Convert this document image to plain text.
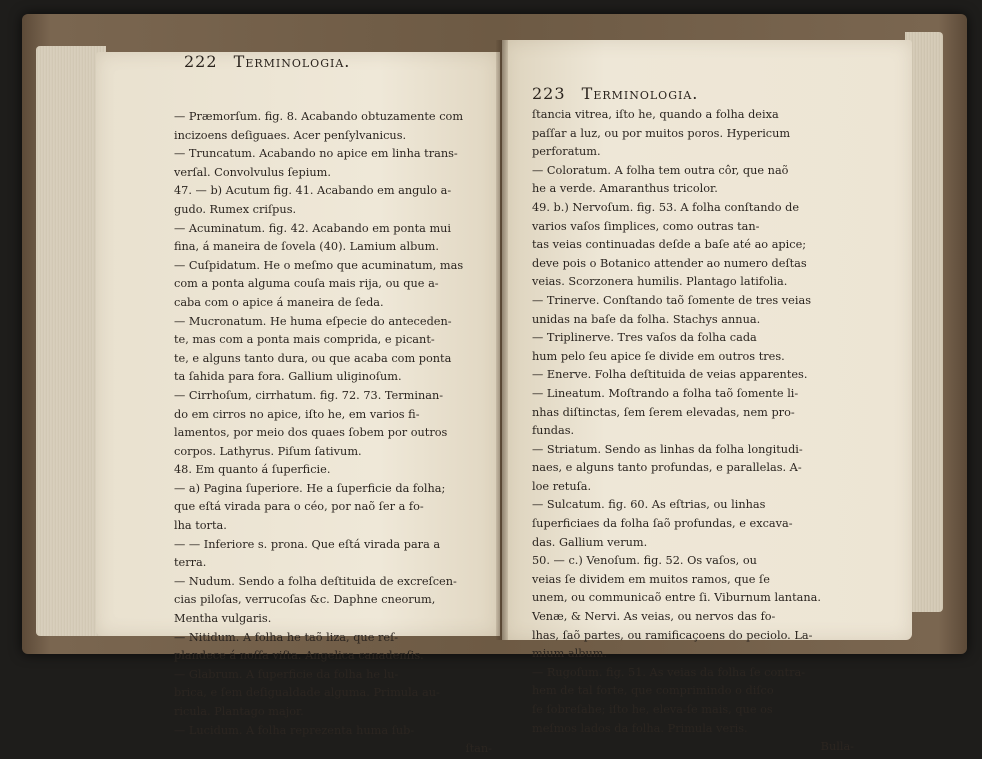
222 Terminologia.
— Præmorſum. fig. 8. Acabando obtuzamente com
incizoens deſiguaes. Acer penſylvanicus.
— Truncatum. Acabando no apice em linha trans-
verſal. Convolvulus ſepium.
47. — b) Acutum fig. 41. Acabando em angulo a-
gudo. Rumex criſpus.
— Acuminatum. fig. 42. Acabando em ponta mui
fina, á maneira de ſovela (40). Lamium album.
— Cuſpidatum. He o meſmo que acuminatum, mas
com a ponta alguma couſa mais rija, ou que a-
caba com o apice á maneira de ſeda.
— Mucronatum. He huma eſpecie do anteceden-
te, mas com a ponta mais comprida, e picant-
te, e alguns tanto dura, ou que acaba com ponta
ta ſahida para fora. Gallium uliginoſum.
— Cirrhoſum, cirrhatum. fig. 72. 73. Terminan-
do em cirros no apice, iſto he, em varios fi-
lamentos, por meio dos quaes ſobem por outros
corpos. Lathyrus. Piſum ſativum.
48. Em quanto á ſuperficie.
— a) Pagina ſuperiore. He a ſuperficie da folha;
que eſtá virada para o céo, por naõ ſer a fo-
lha torta.
— — Inferiore s. prona. Que eſtá virada para a
terra.
— Nudum. Sendo a folha deſtituida de excreſcen-
cias piloſas, verrucoſas &c. Daphne cneorum,
Mentha vulgaris.
— Nitidum. A folha he taõ liza, que reſ-
plandece á noſſa viſta. Angelica canadenſis.
— Glabrum. A ſuperficie da folha he lu-
brica, e ſem deſigualdade alguma. Primula au-
ricula. Plantago major.
— Lucidum. A folha reprezenta huma ſub-
ſtan-
223 Terminologia.
ſtancia vitrea, iſto he, quando a folha deixa
paſſar a luz, ou por muitos poros. Hypericum
perforatum.
— Coloratum. A folha tem outra côr, que naõ
he a verde. Amaranthus tricolor.
49. b.) Nervoſum. fig. 53. A folha conſtando de
varios vaſos ſimplices, como outras tan-
tas veias continuadas deſde a baſe até ao apice;
deve pois o Botanico attender ao numero deſtas
veias. Scorzonera humilis. Plantago latifolia.
— Trinerve. Conſtando taõ ſomente de tres veias
unidas na baſe da folha. Stachys annua.
— Triplinerve. Tres vaſos da folha cada
hum pelo ſeu apice ſe divide em outros tres.
— Enerve. Folha deſtituida de veias apparentes.
— Lineatum. Moſtrando a folha taõ ſomente li-
nhas diſtinctas, ſem ſerem elevadas, nem pro-
fundas.
— Striatum. Sendo as linhas da folha longitudi-
naes, e alguns tanto profundas, e parallelas. A-
loe retuſa.
— Sulcatum. fig. 60. As eſtrias, ou linhas
ſuperficiaes da folha ſaõ profundas, e excava-
das. Gallium verum.
50. — c.) Venoſum. fig. 52. Os vaſos, ou
veias ſe dividem em muitos ramos, que ſe
unem, ou communicaõ entre ſi. Viburnum lantana.
Venæ, & Nervi. As veias, ou nervos das fo-
lhas, ſaõ partes, ou ramificaçoens do peciolo. La-
mium album.
— Rugoſum. fig. 51. As veias da folha ſe contra-
hem de tal forte, que comprimindo o diſco
ſe ſobreſahe; iſto he, eleva-ſe mais, que os
meſmos lados da folha. Primula veris.
Bulla-
